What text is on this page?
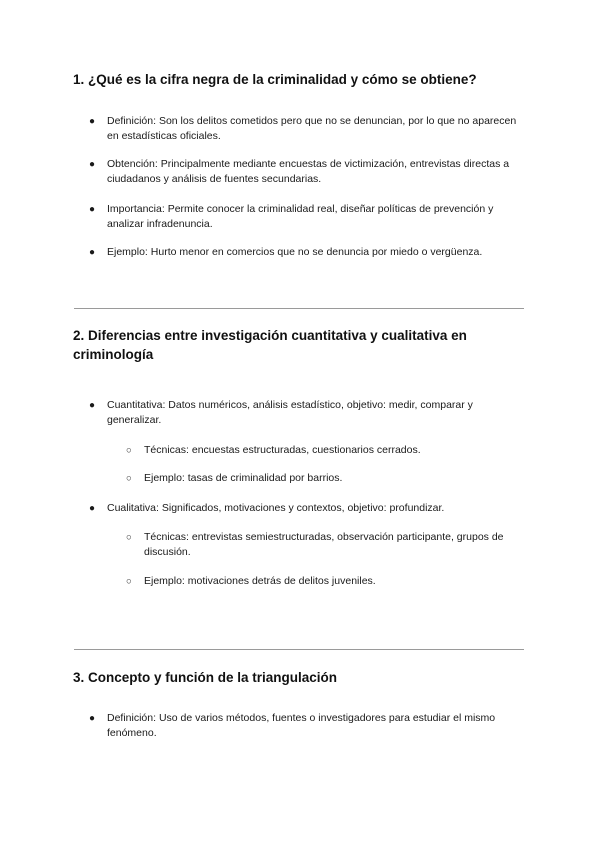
1. ¿Qué es la cifra negra de la criminalidad y cómo se obtiene?
● Definición: Son los delitos cometidos pero que no se denuncian, por lo que no aparecen en estadísticas oficiales.

● Obtención: Principalmente mediante encuestas de victimización, entrevistas directas a ciudadanos y análisis de fuentes secundarias.

● Importancia: Permite conocer la criminalidad real, diseñar políticas de prevención y analizar infradenuncia.

● Ejemplo: Hurto menor en comercios que no se denuncia por miedo o vergüenza.

2. Diferencias entre investigación cuantitativa y cualitativa en criminología
● Cuantitativa: Datos numéricos, análisis estadístico, objetivo: medir, comparar y generalizar.

○ Técnicas: encuestas estructuradas, cuestionarios cerrados.

○ Ejemplo: tasas de criminalidad por barrios.

● Cualitativa: Significados, motivaciones y contextos, objetivo: profundizar.

○ Técnicas: entrevistas semiestructuradas, observación participante, grupos de discusión.

○ Ejemplo: motivaciones detrás de delitos juveniles.

3. Concepto y función de la triangulación
● Definición: Uso de varios métodos, fuentes o investigadores para estudiar el mismo fenómeno.
